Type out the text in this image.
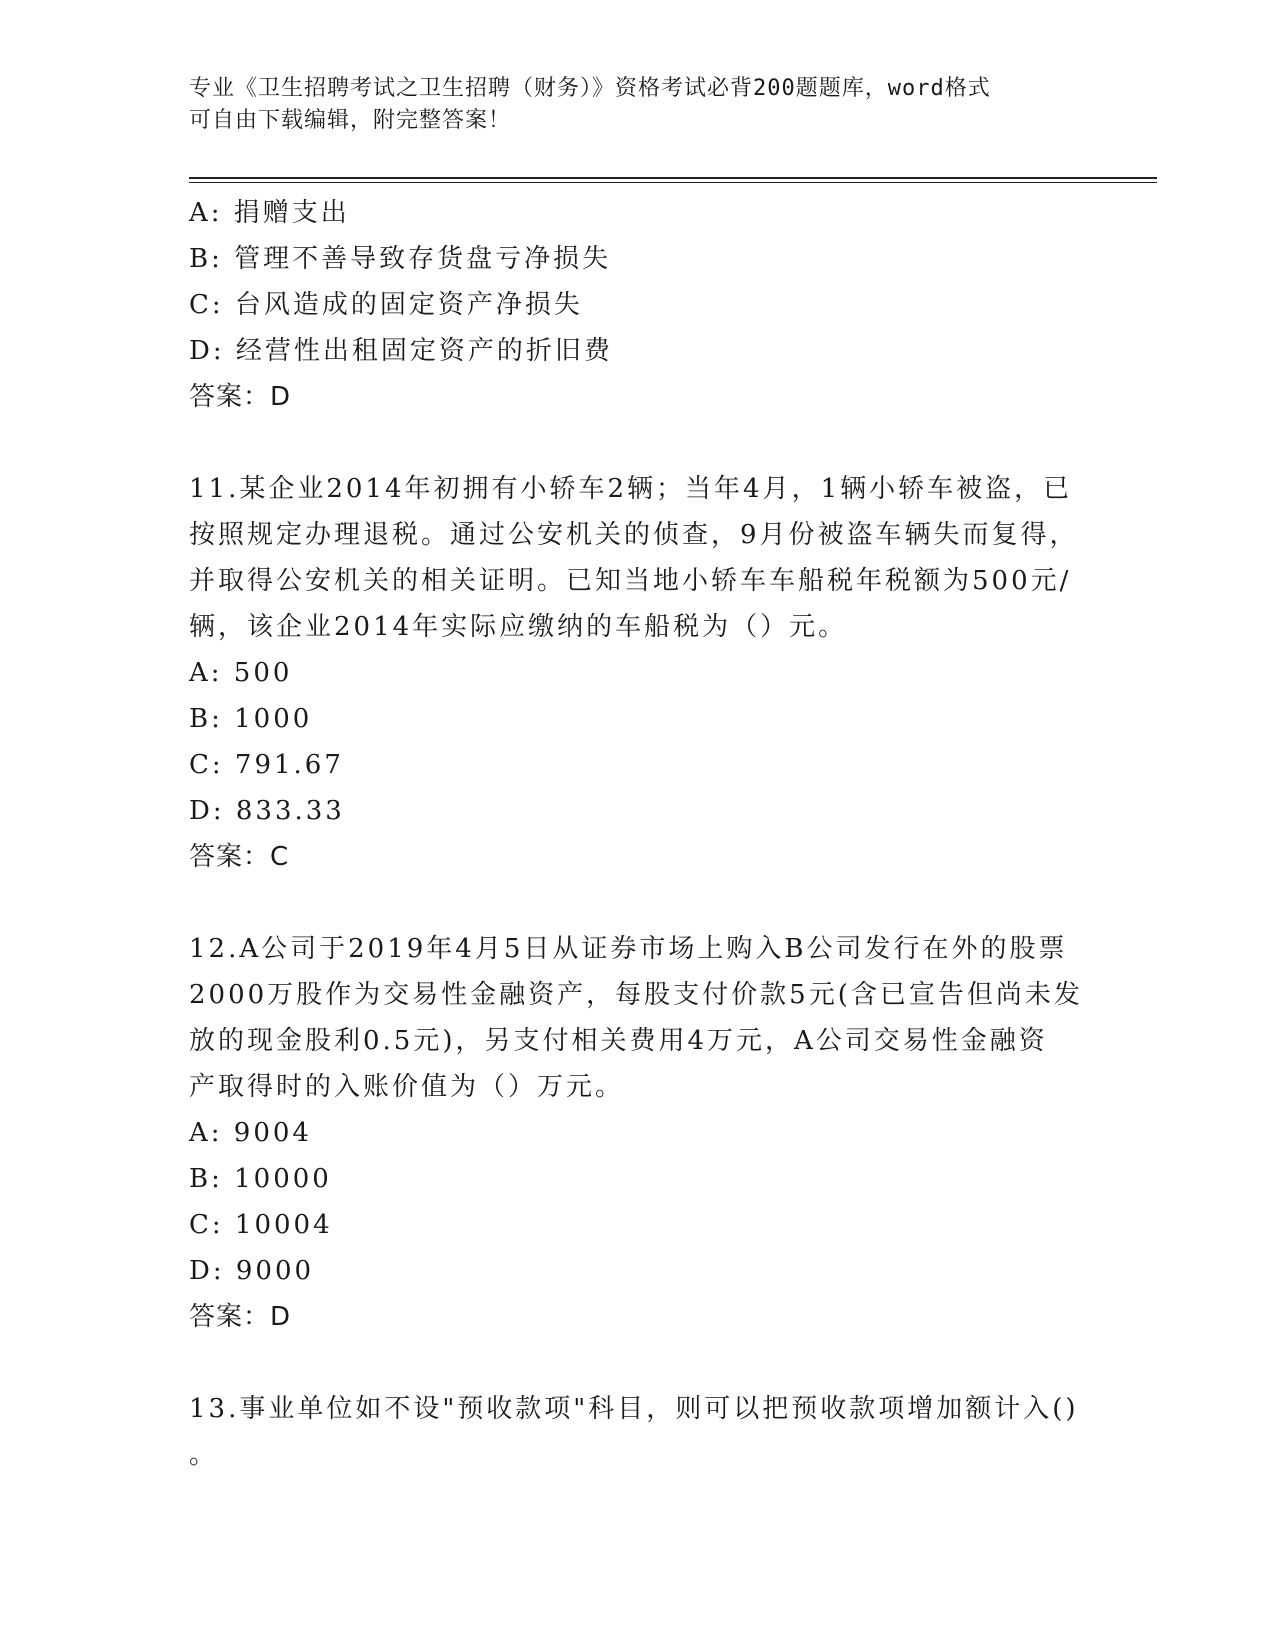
专业《卫生招聘考试之卫生招聘（财务）》资格考试必背200题题库，word格式
可自由下载编辑，附完整答案！
A: 捐赠支出
B: 管理不善导致存货盘亏净损失
C: 台风造成的固定资产净损失
D: 经营性出租固定资产的折旧费
答案：D
11.某企业2014年初拥有小轿车2辆；当年4月，1辆小轿车被盗，已
按照规定办理退税。通过公安机关的侦查，9月份被盗车辆失而复得，
并取得公安机关的相关证明。已知当地小轿车车船税年税额为500元/
辆，该企业2014年实际应缴纳的车船税为（）元。
A: 500
B: 1000
C: 791.67
D: 833.33
答案：C
12.A公司于2019年4月5日从证券市场上购入B公司发行在外的股票
2000万股作为交易性金融资产，每股支付价款5元(含已宣告但尚未发
放的现金股利0.5元)，另支付相关费用4万元，A公司交易性金融资
产取得时的入账价值为（）万元。
A: 9004
B: 10000
C: 10004
D: 9000
答案：D
13.事业单位如不设"预收款项"科目，则可以把预收款项增加额计入()
。
